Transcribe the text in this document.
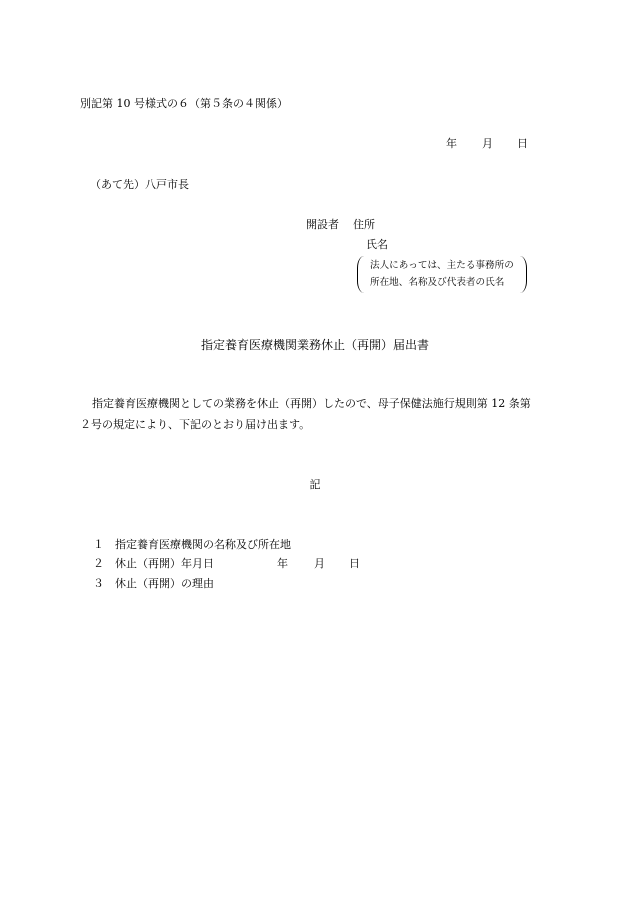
別記第 10 号様式の６（第５条の４関係）
年 月 日
（あて先）八戸市長
開設者 住所
氏名
法人にあっては、主たる事務所の
所在地、名称及び代表者の氏名
指定養育医療機関業務休止（再開）届出書
指定養育医療機関としての業務を休止（再開）したので、母子保健法施行規則第 12 条第
２号の規定により、下記のとおり届け出ます。
記
１ 指定養育医療機関の名称及び所在地
２ 休止（再開）年月日	年 月 日
３ 休止（再開）の理由
